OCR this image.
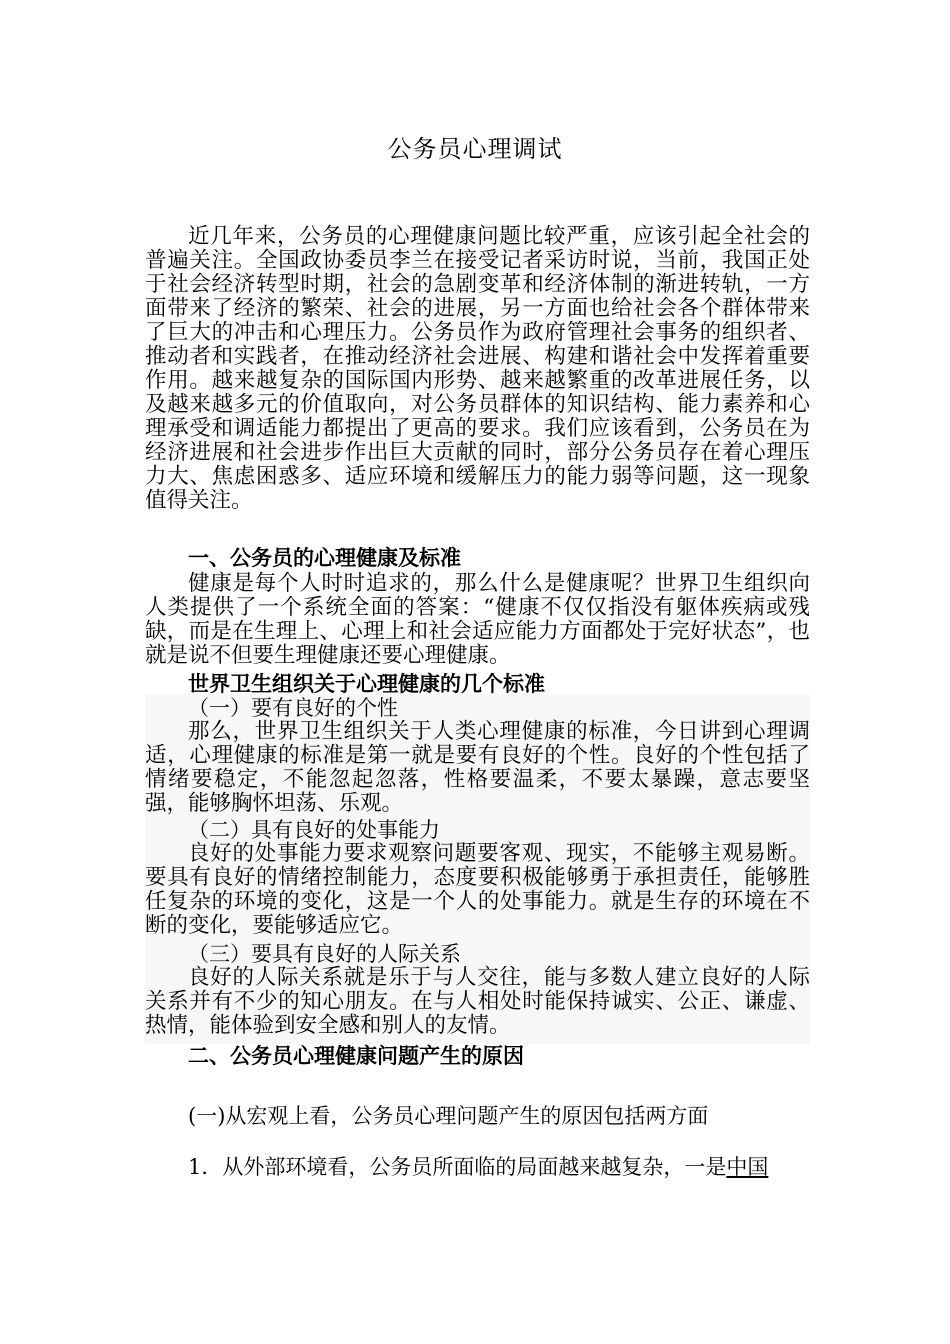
公务员心理调试
近几年来，公务员的心理健康问题比较严重，应该引起全社会的普遍关注。全国政协委员李兰在接受记者采访时说，当前，我国正处于社会经济转型时期，社会的急剧变革和经济体制的渐进转轨，一方面带来了经济的繁荣、社会的进展，另一方面也给社会各个群体带来了巨大的冲击和心理压力。公务员作为政府管理社会事务的组织者、推动者和实践者，在推动经济社会进展、构建和谐社会中发挥着重要作用。越来越复杂的国际国内形势、越来越繁重的改革进展任务，以及越来越多元的价值取向，对公务员群体的知识结构、能力素养和心理承受和调适能力都提出了更高的要求。我们应该看到，公务员在为经济进展和社会进步作出巨大贡献的同时，部分公务员存在着心理压力大、焦虑困惑多、适应环境和缓解压力的能力弱等问题，这一现象值得关注。
一、公务员的心理健康及标准
健康是每个人时时追求的，那么什么是健康呢？世界卫生组织向人类提供了一个系统全面的答案：“健康不仅仅指没有躯体疾病或残缺，而是在生理上、心理上和社会适应能力方面都处于完好状态”，也就是说不但要生理健康还要心理健康。
世界卫生组织关于心理健康的几个标准
（一）要有良好的个性
那么，世界卫生组织关于人类心理健康的标准，今日讲到心理调适，心理健康的标准是第一就是要有良好的个性。良好的个性包括了情绪要稳定，不能忽起忽落，性格要温柔，不要太暴躁，意志要坚强，能够胸怀坦荡、乐观。
（二）具有良好的处事能力
良好的处事能力要求观察问题要客观、现实，不能够主观易断。要具有良好的情绪控制能力，态度要积极能够勇于承担责任，能够胜任复杂的环境的变化，这是一个人的处事能力。就是生存的环境在不断的变化，要能够适应它。
（三）要具有良好的人际关系
良好的人际关系就是乐于与人交往，能与多数人建立良好的人际关系并有不少的知心朋友。在与人相处时能保持诚实、公正、谦虚、热情，能体验到安全感和别人的友情。
二、公务员心理健康问题产生的原因
(一)从宏观上看，公务员心理问题产生的原因包括两方面
1．从外部环境看，公务员所面临的局面越来越复杂，一是中国
